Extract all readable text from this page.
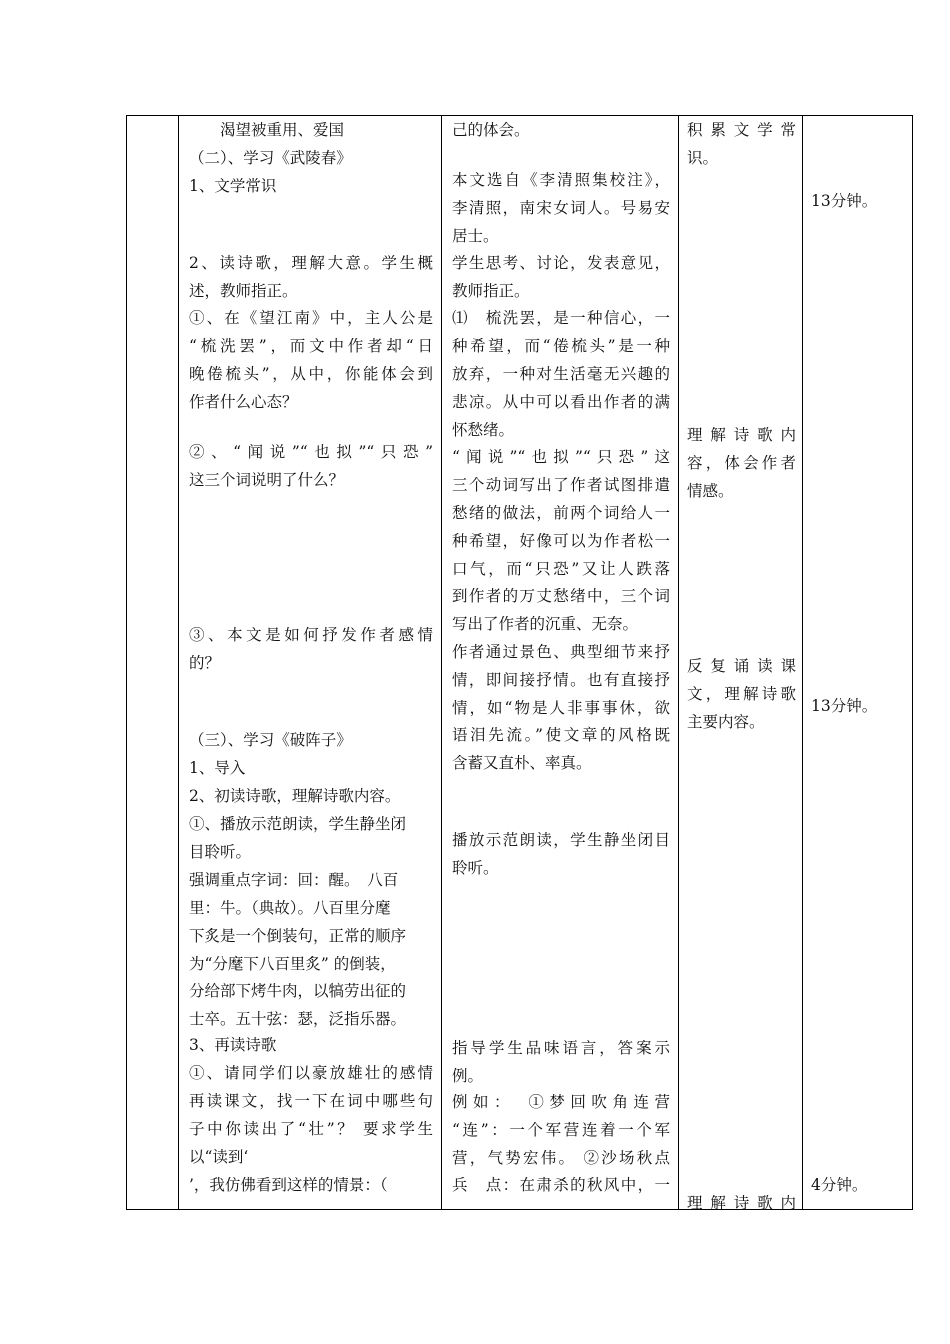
　　渴望被重用、爱国
（二）、学习《武陵春》
1、文学常识
2、读诗歌，理解大意。学生概
述，教师指正。
①、在《望江南》中，主人公是
“梳洗罢”，而文中作者却“日
晚倦梳头”，从中，你能体会到
作者什么心态？
②、“闻说”“也拟”“只恐”
这三个词说明了什么？
③、本文是如何抒发作者感情
的？
（三）、学习《破阵子》
1、导入
2、初读诗歌，理解诗歌内容。
①、播放示范朗读，学生静坐闭
目聆听。
强调重点字词：回：醒。　八百
里：牛。（典故）。八百里分麾
下炙是一个倒装句，正常的顺序
为“分麾下八百里炙” 的倒装，
分给部下烤牛肉，以犒劳出征的
士卒。五十弦：瑟，泛指乐器。
3、再读诗歌
①、请同学们以豪放雄壮的感情
再读课文，找一下在词中哪些句
子中你读出了“壮”？ 要求学生
以“读到‘
’，我仿佛看到这样的情景：（
己的体会。
本文选自《李清照集校注》，
李清照，南宋女词人。号易安
居士。
学生思考、讨论，发表意见，
教师指正。
⑴　梳洗罢，是一种信心，一
种希望，而“倦梳头”是一种
放弃，一种对生活毫无兴趣的
悲凉。从中可以看出作者的满
怀愁绪。
“闻说”“也拟”“只恐”这
三个动词写出了作者试图排遣
愁绪的做法，前两个词给人一
种希望，好像可以为作者松一
口气，而“只恐”又让人跌落
到作者的万丈愁绪中，三个词
写出了作者的沉重、无奈。
作者通过景色、典型细节来抒
情，即间接抒情。也有直接抒
情，如“物是人非事事休，欲
语泪先流。”使文章的风格既
含蓄又直朴、率真。
播放示范朗读，学生静坐闭目
聆听。
指导学生品味语言，答案示
例。
例如：　①梦回吹角连营
“连”：一个军营连着一个军
营，气势宏伟。 ②沙场秋点
兵　点：在肃杀的秋风中，一
积累文学常
识。
理解诗歌内
容，体会作者
情感。
反复诵读课
文，理解诗歌
主要内容。
理解诗歌内
13分钟。
13分钟。
4分钟。
